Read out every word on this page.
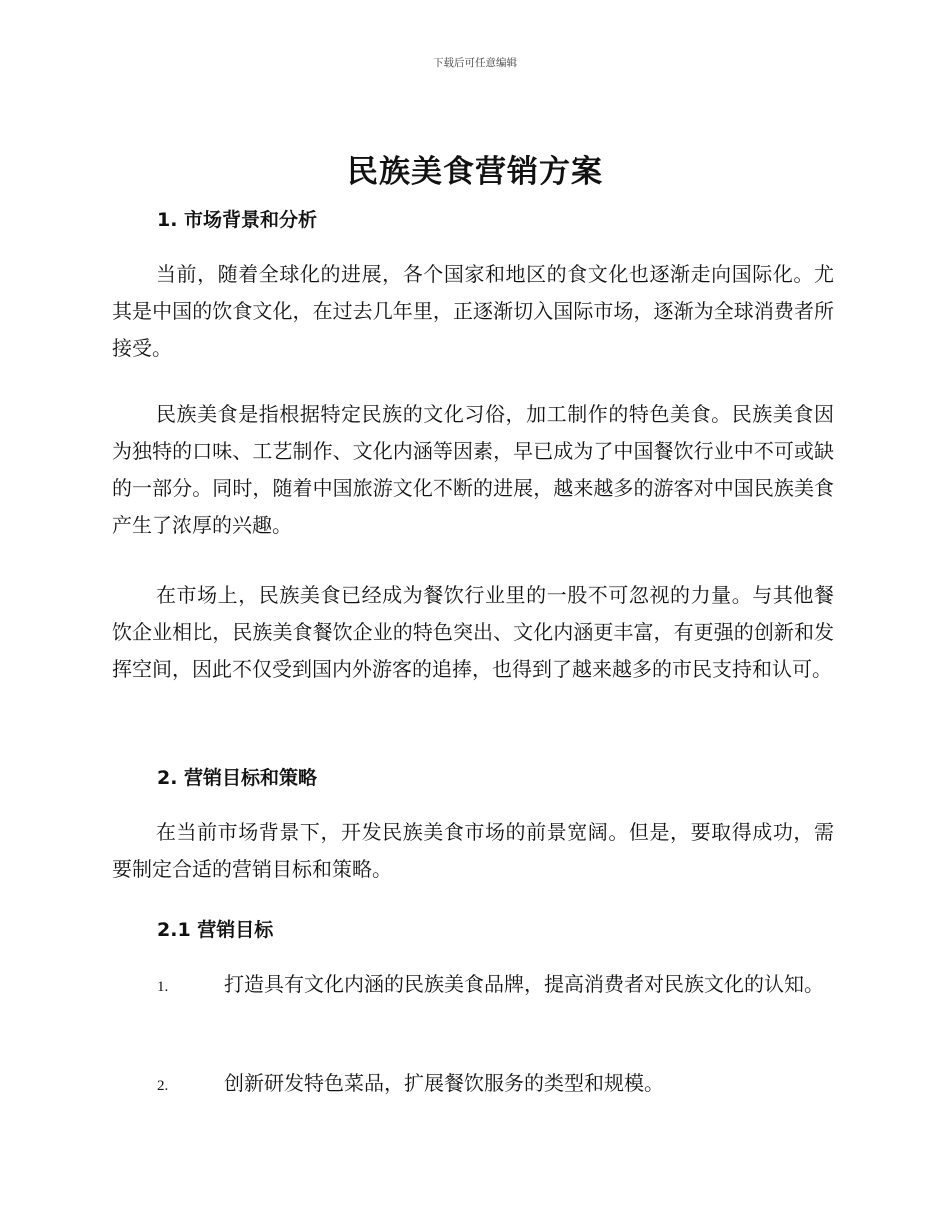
下载后可任意编辑
民族美食营销方案
1. 市场背景和分析

当前，随着全球化的进展，各个国家和地区的食文化也逐渐走向国际化。尤其是中国的饮食文化，在过去几年里，正逐渐切入国际市场，逐渐为全球消费者所接受。

民族美食是指根据特定民族的文化习俗，加工制作的特色美食。民族美食因为独特的口味、工艺制作、文化内涵等因素，早已成为了中国餐饮行业中不可或缺的一部分。同时，随着中国旅游文化不断的进展，越来越多的游客对中国民族美食产生了浓厚的兴趣。

在市场上，民族美食已经成为餐饮行业里的一股不可忽视的力量。与其他餐饮企业相比，民族美食餐饮企业的特色突出、文化内涵更丰富，有更强的创新和发挥空间，因此不仅受到国内外游客的追捧，也得到了越来越多的市民支持和认可。

2. 营销目标和策略

在当前市场背景下，开发民族美食市场的前景宽阔。但是，要取得成功，需要制定合适的营销目标和策略。

2.1 营销目标

1.	打造具有文化内涵的民族美食品牌，提高消费者对民族文化的认知。

2.	创新研发特色菜品，扩展餐饮服务的类型和规模。
